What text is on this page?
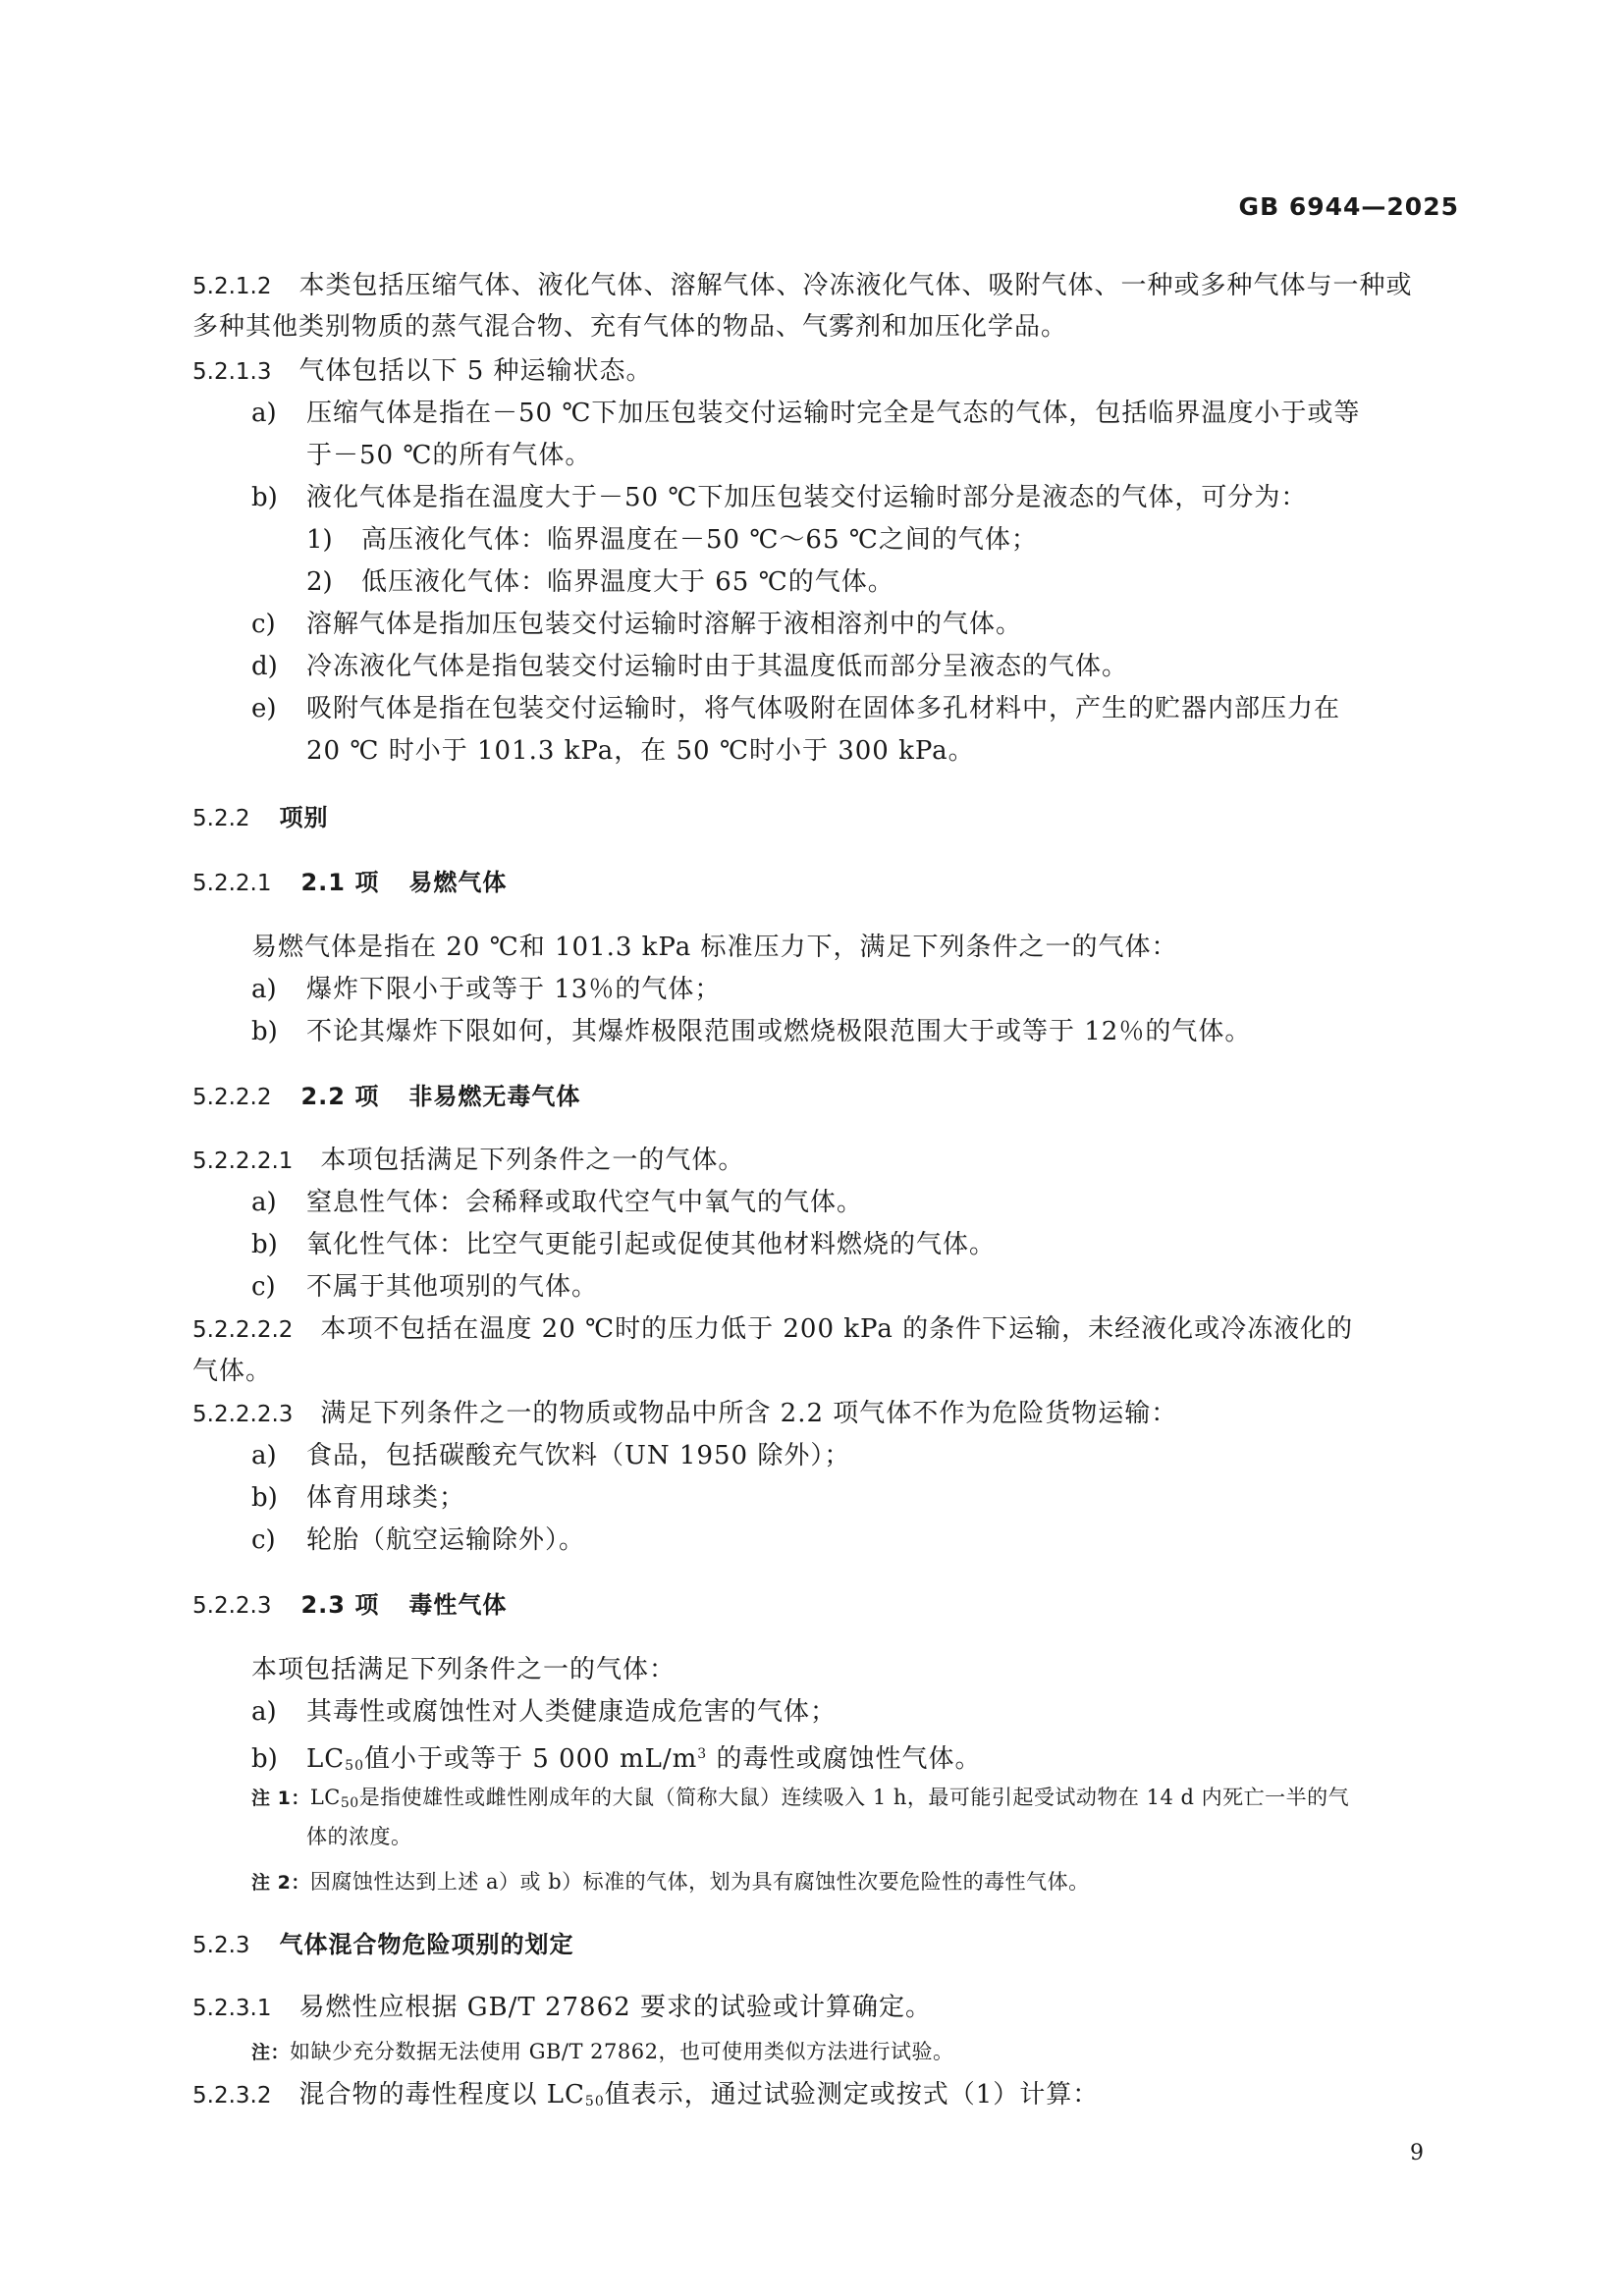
GB 6944—2025
5.2.1.2 本类包括压缩气体、液化气体、溶解气体、冷冻液化气体、吸附气体、一种或多种气体与一种或
多种其他类别物质的蒸气混合物、充有气体的物品、气雾剂和加压化学品。
5.2.1.3 气体包括以下 5 种运输状态。
a) 压缩气体是指在－50 ℃下加压包装交付运输时完全是气态的气体，包括临界温度小于或等
于－50 ℃的所有气体。
b) 液化气体是指在温度大于－50 ℃下加压包装交付运输时部分是液态的气体，可分为：
1) 高压液化气体：临界温度在－50 ℃～65 ℃之间的气体；
2) 低压液化气体：临界温度大于 65 ℃的气体。
c) 溶解气体是指加压包装交付运输时溶解于液相溶剂中的气体。
d) 冷冻液化气体是指包装交付运输时由于其温度低而部分呈液态的气体。
e) 吸附气体是指在包装交付运输时，将气体吸附在固体多孔材料中，产生的贮器内部压力在
20 ℃ 时小于 101.3 kPa，在 50 ℃时小于 300 kPa。
5.2.2 项别
5.2.2.1 2.1 项 易燃气体
易燃气体是指在 20 ℃和 101.3 kPa 标准压力下，满足下列条件之一的气体：
a) 爆炸下限小于或等于 13％的气体；
b) 不论其爆炸下限如何，其爆炸极限范围或燃烧极限范围大于或等于 12％的气体。
5.2.2.2 2.2 项 非易燃无毒气体
5.2.2.2.1 本项包括满足下列条件之一的气体。
a) 窒息性气体：会稀释或取代空气中氧气的气体。
b) 氧化性气体：比空气更能引起或促使其他材料燃烧的气体。
c) 不属于其他项别的气体。
5.2.2.2.2 本项不包括在温度 20 ℃时的压力低于 200 kPa 的条件下运输，未经液化或冷冻液化的
气体。
5.2.2.2.3 满足下列条件之一的物质或物品中所含 2.2 项气体不作为危险货物运输：
a) 食品，包括碳酸充气饮料（UN 1950 除外）；
b) 体育用球类；
c) 轮胎（航空运输除外）。
5.2.2.3 2.3 项 毒性气体
本项包括满足下列条件之一的气体：
a) 其毒性或腐蚀性对人类健康造成危害的气体；
b) $LC_{50}$值小于或等于 5 000 $mL/m^3$ 的毒性或腐蚀性气体。
注 1：$LC_{50}$是指使雄性或雌性刚成年的大鼠（简称大鼠）连续吸入 1 h，最可能引起受试动物在 14 d 内死亡一半的气
体的浓度。
注 2：因腐蚀性达到上述 a）或 b）标准的气体，划为具有腐蚀性次要危险性的毒性气体。
5.2.3 气体混合物危险项别的划定
5.2.3.1 易燃性应根据 GB/T 27862 要求的试验或计算确定。
注：如缺少充分数据无法使用 GB/T 27862，也可使用类似方法进行试验。
5.2.3.2 混合物的毒性程度以 $LC_{50}$值表示，通过试验测定或按式（1）计算：
9
